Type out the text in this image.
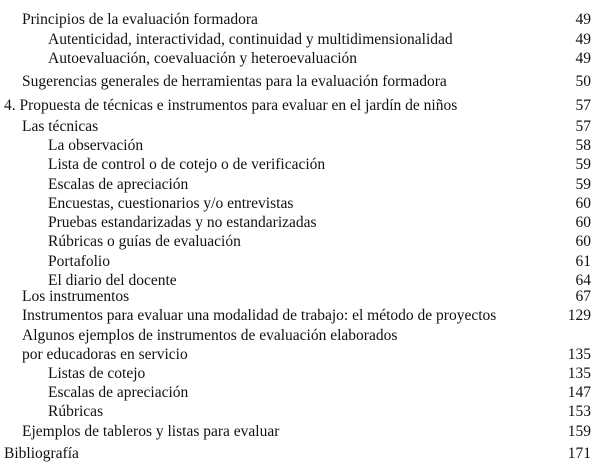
Principios de la evaluación formadora	49
Autenticidad, interactividad, continuidad y multidimensionalidad	49
Autoevaluación, coevaluación y heteroevaluación	49
Sugerencias generales de herramientas para la evaluación formadora	50
4. Propuesta de técnicas e instrumentos para evaluar en el jardín de niños	57
Las técnicas	57
La observación	58
Lista de control o de cotejo o de verificación	59
Escalas de apreciación	59
Encuestas, cuestionarios y/o entrevistas	60
Pruebas estandarizadas y no estandarizadas	60
Rúbricas o guías de evaluación	60
Portafolio	61
El diario del docente	64
Los instrumentos	67
Instrumentos para evaluar una modalidad de trabajo: el método de proyectos	129
Algunos ejemplos de instrumentos de evaluación elaborados
por educadoras en servicio	135
Listas de cotejo	135
Escalas de apreciación	147
Rúbricas	153
Ejemplos de tableros y listas para evaluar	159
Bibliografía	171
